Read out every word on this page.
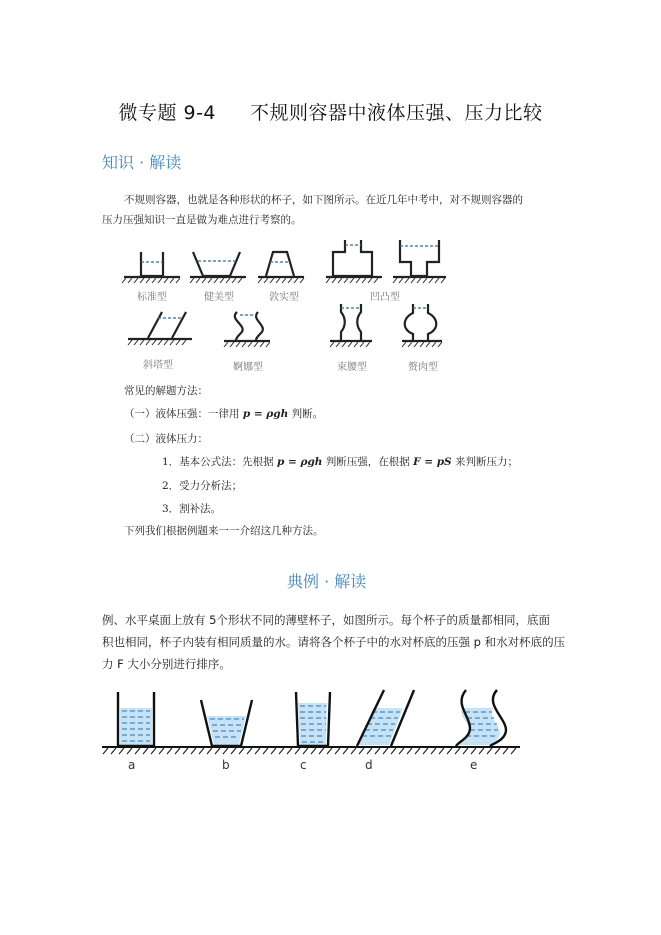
微专题 9-4 不规则容器中液体压强、压力比较
知识 · 解读
不规则容器，也就是各种形状的杯子，如下图所示。在近几年中考中，对不规则容器的
压力压强知识一直是做为难点进行考察的。
标准型	健美型	敦实型	凹凸型
斜塔型	婀娜型	束腰型	赘肉型
常见的解题方法：
（一）液体压强：一律用 p = ρgh 判断。
（二）液体压力：
1．基本公式法：先根据 p = ρgh 判断压强，在根据 F = pS 来判断压力；
2．受力分析法；
3．割补法。
下列我们根据例题来一一介绍这几种方法。
典例 · 解读
例、水平桌面上放有 5个形状不同的薄壁杯子，如图所示。每个杯子的质量都相同，底面
积也相同，杯子内装有相同质量的水。请将各个杯子中的水对杯底的压强 p 和水对杯底的压
力 F 大小分别进行排序。
a	b	c	d	e
